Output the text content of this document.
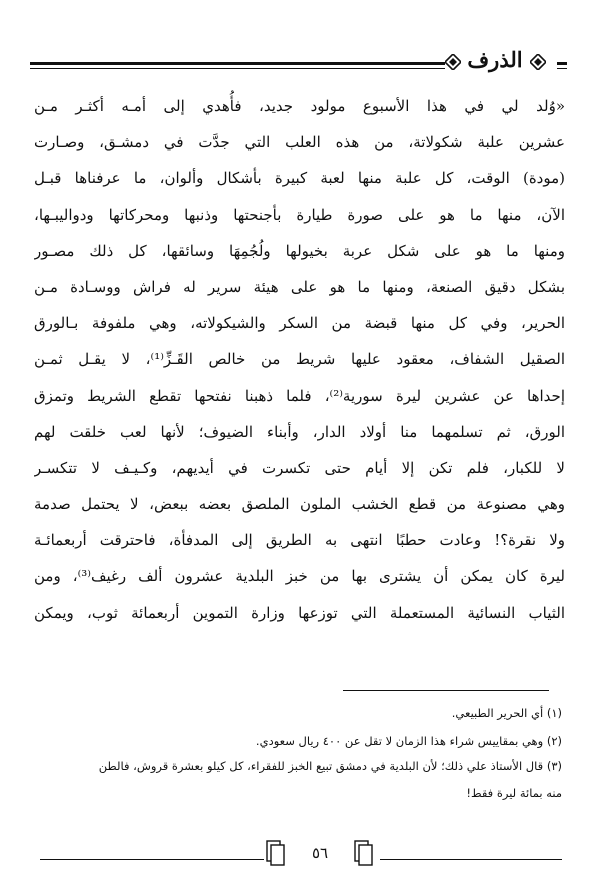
الذرف
«وُلد لي في هذا الأسبوع مولود جديد، فأُهدي إلى أمـه أكثـر مـن
عشرين علبة شكولاتة، من هذه العلب التي جدَّت في دمشـق، وصـارت
(مودة) الوقت، كل علبة منها لعبة كبيرة بأشكال وألوان، ما عرفناها قبـل
الآن، منها ما هو على صورة طيارة بأجنحتها وذنبها ومحركاتها ودواليبـها،
ومنها ما هو على شكل عربة بخيولها ولُجُمِهَا وسائقها، كل ذلك مصـور
بشكل دقيق الصنعة، ومنها ما هو على هيئة سرير له فراش ووسـادة مـن
الحرير، وفي كل منها قبضة من السكر والشيكولاته، وهي ملفوفة بـالورق
الصقيل الشفاف، معقود عليها شريط من خالص القَـزِّ⁽¹⁾، لا يقـل ثمـن
إحداها عن عشرين ليرة سورية⁽²⁾، فلما ذهبنا نفتحها تقطع الشريط وتمزق
الورق، ثم تسلمهما منا أولاد الدار، وأبناء الضيوف؛ لأنها لعب خلقت لهم
لا للكبار، فلم تكن إلا أيام حتى تكسرت في أيديهم، وكـيـف لا تتكسـر
وهي مصنوعة من قطع الخشب الملون الملصق بعضه ببعض، لا يحتمل صدمة
ولا نقرة؟! وعادت حطبًا انتهى به الطريق إلى المدفأة، فاحترقت أربعمائـة
ليرة كان يمكن أن يشترى بها من خبز البلدية عشرون ألف رغيف⁽³⁾، ومن
الثياب النسائية المستعملة التي توزعها وزارة التموين أربعمائة ثوب، ويمكن
(١) أي الحرير الطبيعي.
(٢) وهي بمقاييس شراء هذا الزمان لا تقل عن ٤٠٠ ريال سعودي.
(٣) قال الأستاذ علي ذلك؛ لأن البلدية في دمشق تبيع الخبز للفقراء، كل كيلو بعشرة قروش، فالطن
منه بمائة ليرة فقط!
٥٦
